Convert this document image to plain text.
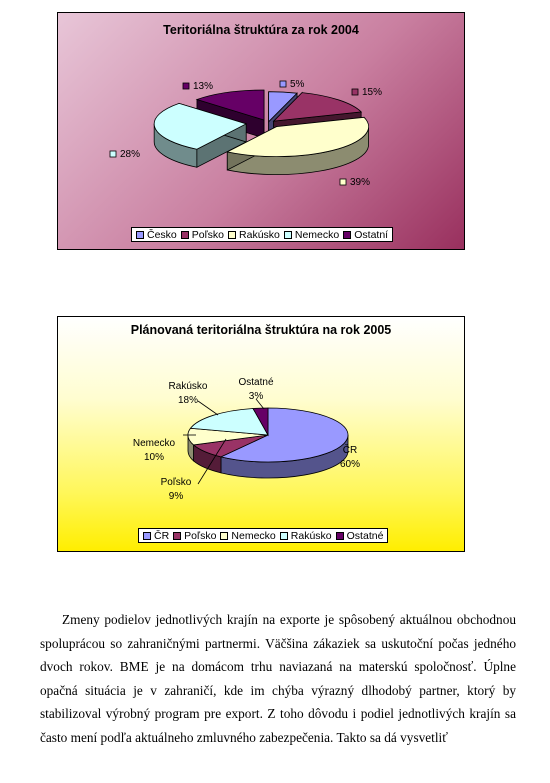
Teritoriálna štruktúra za rok 2004
5%
15%
39%
28%
13%
Česko Poľsko Rakúsko Nemecko Ostatní
Plánovaná teritoriálna štruktúra na rok 2005
ČR
60%
Poľsko
9%
Nemecko
10%
Rakúsko
18%
Ostatné
3%
ČR Poľsko Nemecko Rakúsko Ostatné

Zmeny podielov jednotlivých krajín na exporte je spôsobený aktuálnou obchodnou spoluprácou so zahraničnými partnermi. Väčšina zákaziek sa uskutoční počas jedného dvoch rokov. BME je na domácom trhu naviazaná na materskú spoločnosť. Úplne opačná situácia je v zahraničí, kde im chýba výrazný dlhodobý partner, ktorý by stabilizoval výrobný program pre export. Z toho dôvodu i podiel jednotlivých krajín sa často mení podľa aktuálneho zmluvného zabezpečenia. Takto sa dá vysvetliť
